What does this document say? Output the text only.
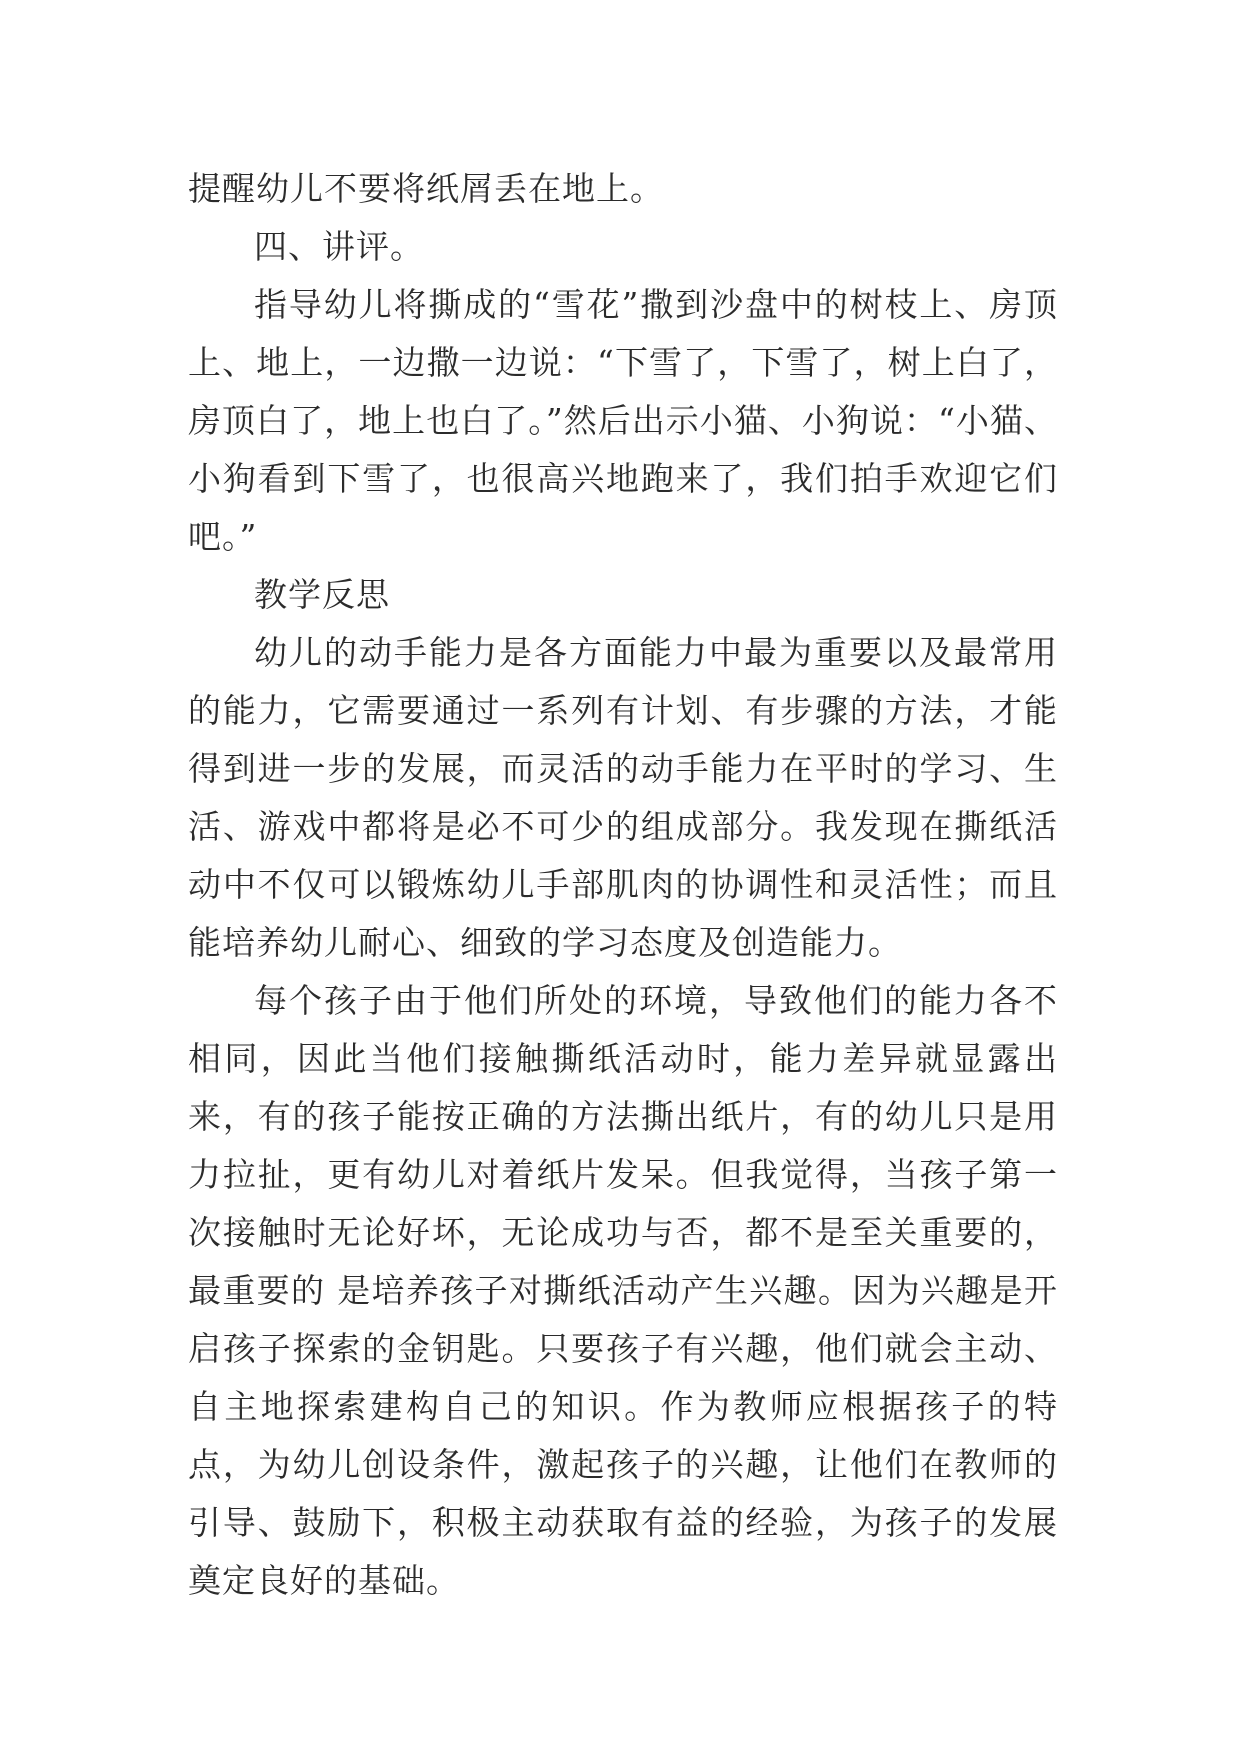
提醒幼儿不要将纸屑丢在地上。

四、讲评。

指导幼儿将撕成的“雪花”撒到沙盘中的树枝上、房顶上、地上，一边撒一边说：“下雪了，下雪了，树上白了，房顶白了，地上也白了。”然后出示小猫、小狗说：“小猫、小狗看到下雪了，也很高兴地跑来了，我们拍手欢迎它们吧。”

教学反思

幼儿的动手能力是各方面能力中最为重要以及最常用的能力，它需要通过一系列有计划、有步骤的方法，才能得到进一步的发展，而灵活的动手能力在平时的学习、生活、游戏中都将是必不可少的组成部分。我发现在撕纸活动中不仅可以锻炼幼儿手部肌肉的协调性和灵活性；而且能培养幼儿耐心、细致的学习态度及创造能力。

每个孩子由于他们所处的环境，导致他们的能力各不相同，因此当他们接触撕纸活动时，能力差异就显露出来，有的孩子能按正确的方法撕出纸片，有的幼儿只是用力拉扯，更有幼儿对着纸片发呆。但我觉得，当孩子第一次接触时无论好坏，无论成功与否，都不是至关重要的，最重要的 是培养孩子对撕纸活动产生兴趣。因为兴趣是开启孩子探索的金钥匙。只要孩子有兴趣，他们就会主动、自主地探索建构自己的知识。作为教师应根据孩子的特点，为幼儿创设条件，激起孩子的兴趣，让他们在教师的引导、鼓励下，积极主动获取有益的经验，为孩子的发展奠定良好的基础。
